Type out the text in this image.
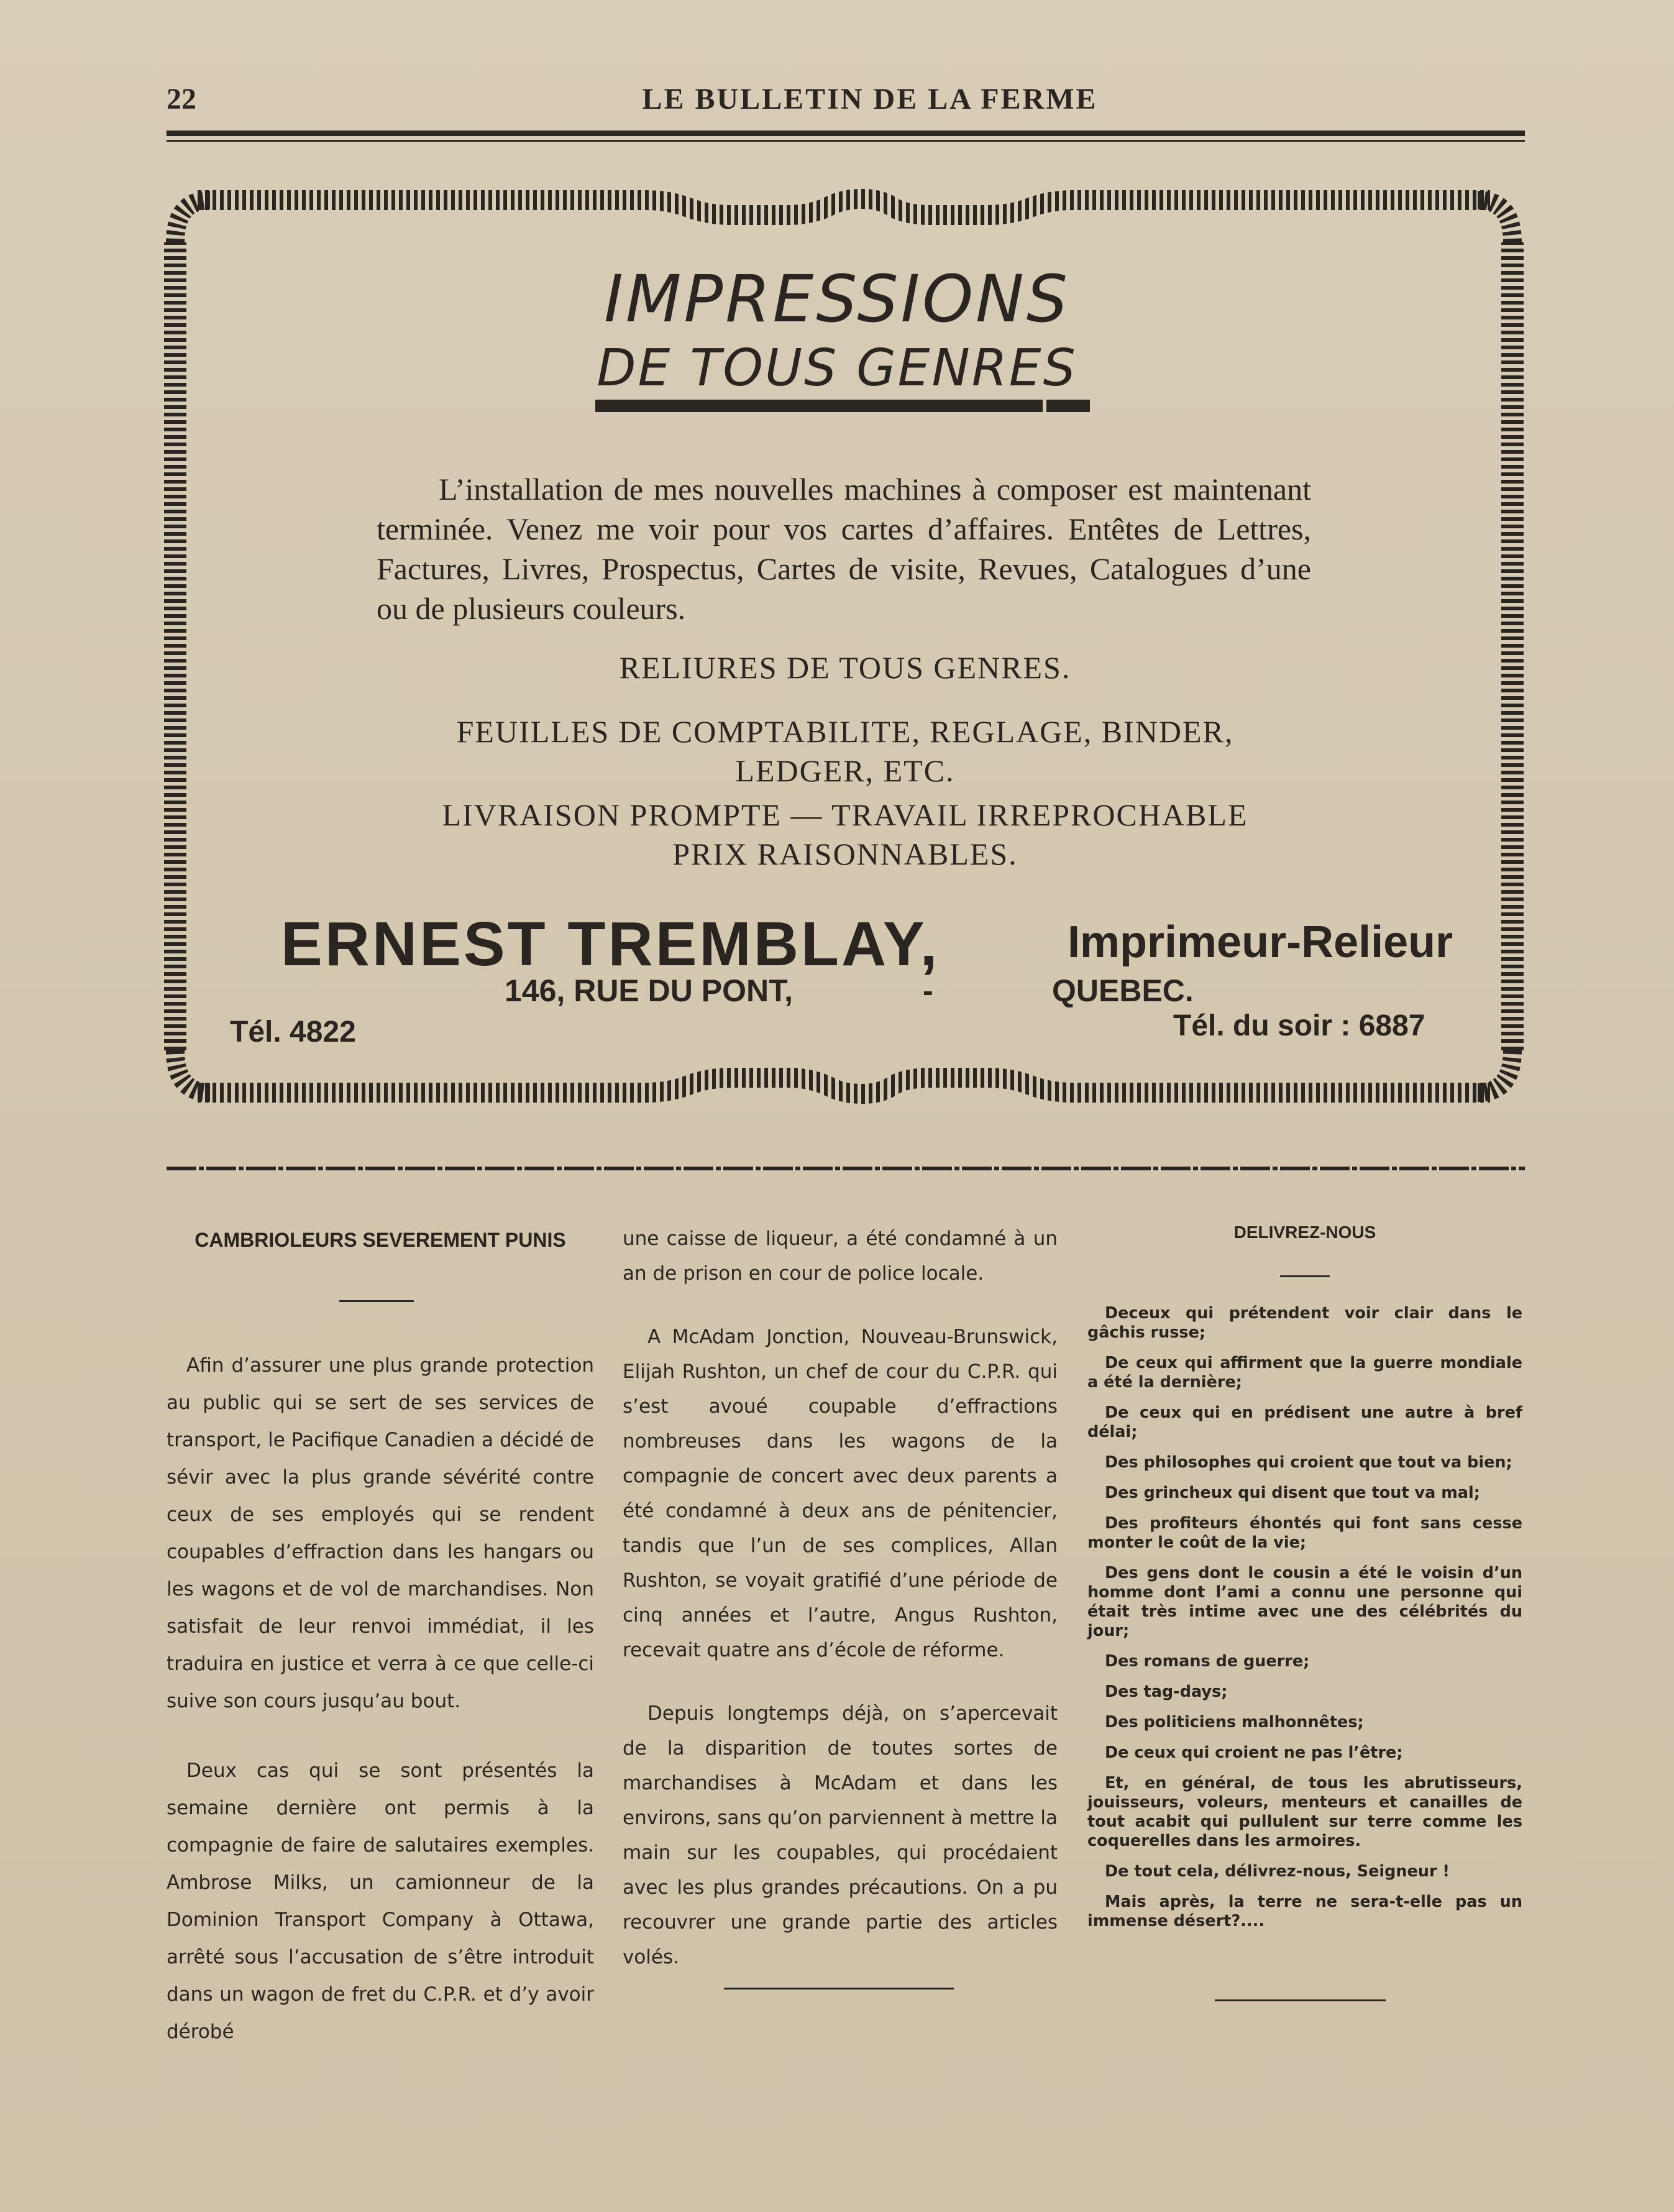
22	LE BULLETIN DE LA FERME
IMPRESSIONS
DE TOUS GENRES
L’installation de mes nouvelles machines à composer est maintenant terminée. Venez me voir pour vos cartes d’affaires. Entêtes de Lettres, Factures, Livres, Prospectus, Cartes de visite, Revues, Catalogues d’une ou de plusieurs couleurs.
RELIURES DE TOUS GENRES.
FEUILLES DE COMPTABILITE, REGLAGE, BINDER,
LEDGER, ETC.
LIVRAISON PROMPTE — TRAVAIL IRREPROCHABLE
PRIX RAISONNABLES.
ERNEST TREMBLAY,	Imprimeur-Relieur
146, RUE DU PONT,	-	QUEBEC.
Tél. 4822	Tél. du soir : 6887
CAMBRIOLEURS SEVEREMENT PUNIS

Afin d’assurer une plus grande protection au public qui se sert de ses services de transport, le Pacifique Canadien a décidé de sévir avec la plus grande sévérité contre ceux de ses employés qui se rendent coupables d’effraction dans les hangars ou les wagons et de vol de marchandises. Non satisfait de leur renvoi immédiat, il les traduira en justice et verra à ce que celle-ci suive son cours jusqu’au bout.

Deux cas qui se sont présentés la semaine dernière ont permis à la compagnie de faire de salutaires exemples. Ambrose Milks, un camionneur de la Dominion Transport Company à Ottawa, arrêté sous l’accusation de s’être introduit dans un wagon de fret du C.P.R. et d’y avoir dérobé

une caisse de liqueur, a été condamné à un an de prison en cour de police locale.

A McAdam Jonction, Nouveau-Brunswick, Elijah Rushton, un chef de cour du C.P.R. qui s’est avoué coupable d’effractions nombreuses dans les wagons de la compagnie de concert avec deux parents a été condamné à deux ans de pénitencier, tandis que l’un de ses complices, Allan Rushton, se voyait gratifié d’une période de cinq années et l’autre, Angus Rushton, recevait quatre ans d’école de réforme.

Depuis longtemps déjà, on s’apercevait de la disparition de toutes sortes de marchandises à McAdam et dans les environs, sans qu’on parviennent à mettre la main sur les coupables, qui procédaient avec les plus grandes précautions. On a pu recouvrer une grande partie des articles volés.

DELIVREZ-NOUS

Deceux qui prétendent voir clair dans le gâchis russe;

De ceux qui affirment que la guerre mondiale a été la dernière;

De ceux qui en prédisent une autre à bref délai;

Des philosophes qui croient que tout va bien;

Des grincheux qui disent que tout va mal;

Des profiteurs éhontés qui font sans cesse monter le coût de la vie;

Des gens dont le cousin a été le voisin d’un homme dont l’ami a connu une personne qui était très intime avec une des célébrités du jour;

Des romans de guerre;

Des tag-days;

Des politiciens malhonnêtes;

De ceux qui croient ne pas l’être;

Et, en général, de tous les abrutisseurs, jouisseurs, voleurs, menteurs et canailles de tout acabit qui pullulent sur terre comme les coquerelles dans les armoires.

De tout cela, délivrez-nous, Seigneur !

Mais après, la terre ne sera-t-elle pas un immense désert?....
